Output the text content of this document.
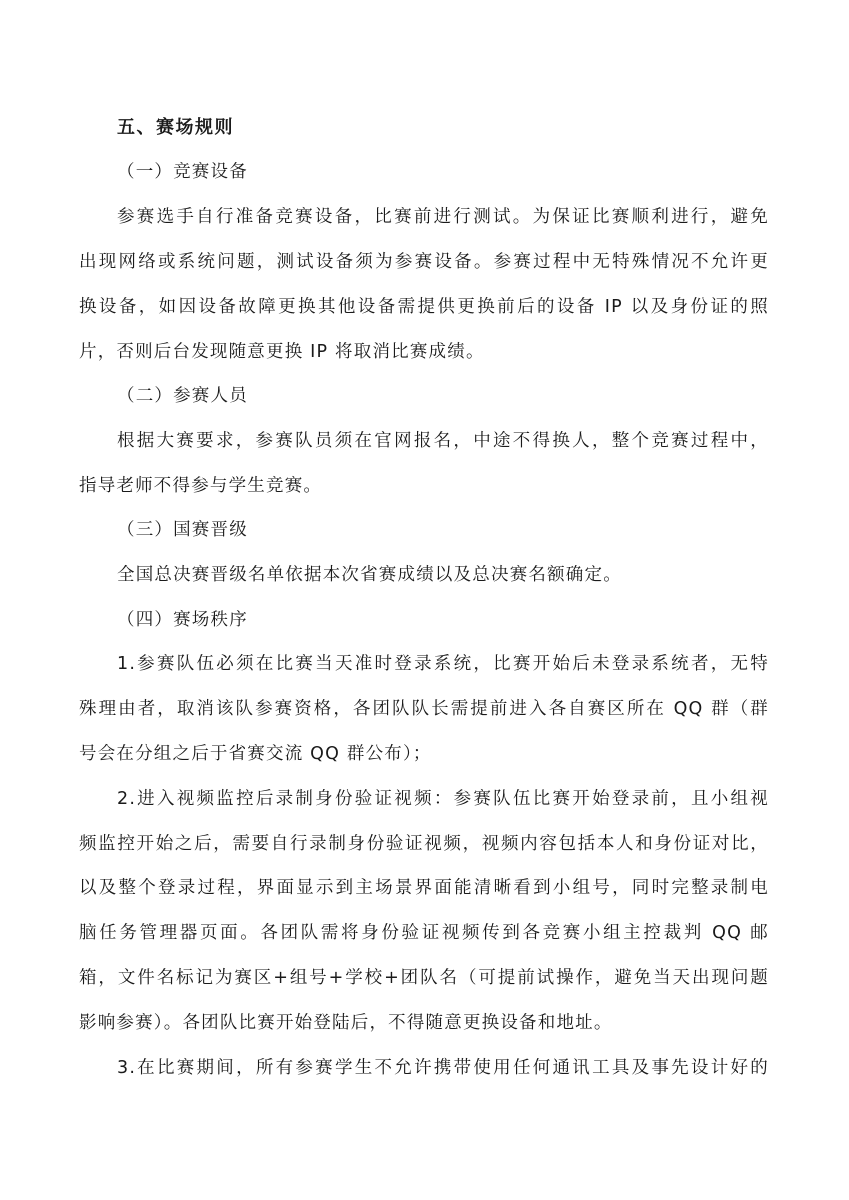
五、赛场规则
（一）竞赛设备
参赛选手自行准备竞赛设备，比赛前进行测试。为保证比赛顺利进行，避免
出现网络或系统问题，测试设备须为参赛设备。参赛过程中无特殊情况不允许更
换设备，如因设备故障更换其他设备需提供更换前后的设备 IP 以及身份证的照
片，否则后台发现随意更换 IP 将取消比赛成绩。
（二）参赛人员
根据大赛要求，参赛队员须在官网报名，中途不得换人，整个竞赛过程中，
指导老师不得参与学生竞赛。
（三）国赛晋级
全国总决赛晋级名单依据本次省赛成绩以及总决赛名额确定。
（四）赛场秩序
1.参赛队伍必须在比赛当天准时登录系统，比赛开始后未登录系统者，无特
殊理由者，取消该队参赛资格，各团队队长需提前进入各自赛区所在 QQ 群（群
号会在分组之后于省赛交流 QQ 群公布）；
2.进入视频监控后录制身份验证视频：参赛队伍比赛开始登录前，且小组视
频监控开始之后，需要自行录制身份验证视频，视频内容包括本人和身份证对比，
以及整个登录过程，界面显示到主场景界面能清晰看到小组号，同时完整录制电
脑任务管理器页面。各团队需将身份验证视频传到各竞赛小组主控裁判 QQ 邮
箱，文件名标记为赛区+组号+学校+团队名（可提前试操作，避免当天出现问题
影响参赛）。各团队比赛开始登陆后，不得随意更换设备和地址。
3.在比赛期间，所有参赛学生不允许携带使用任何通讯工具及事先设计好的
